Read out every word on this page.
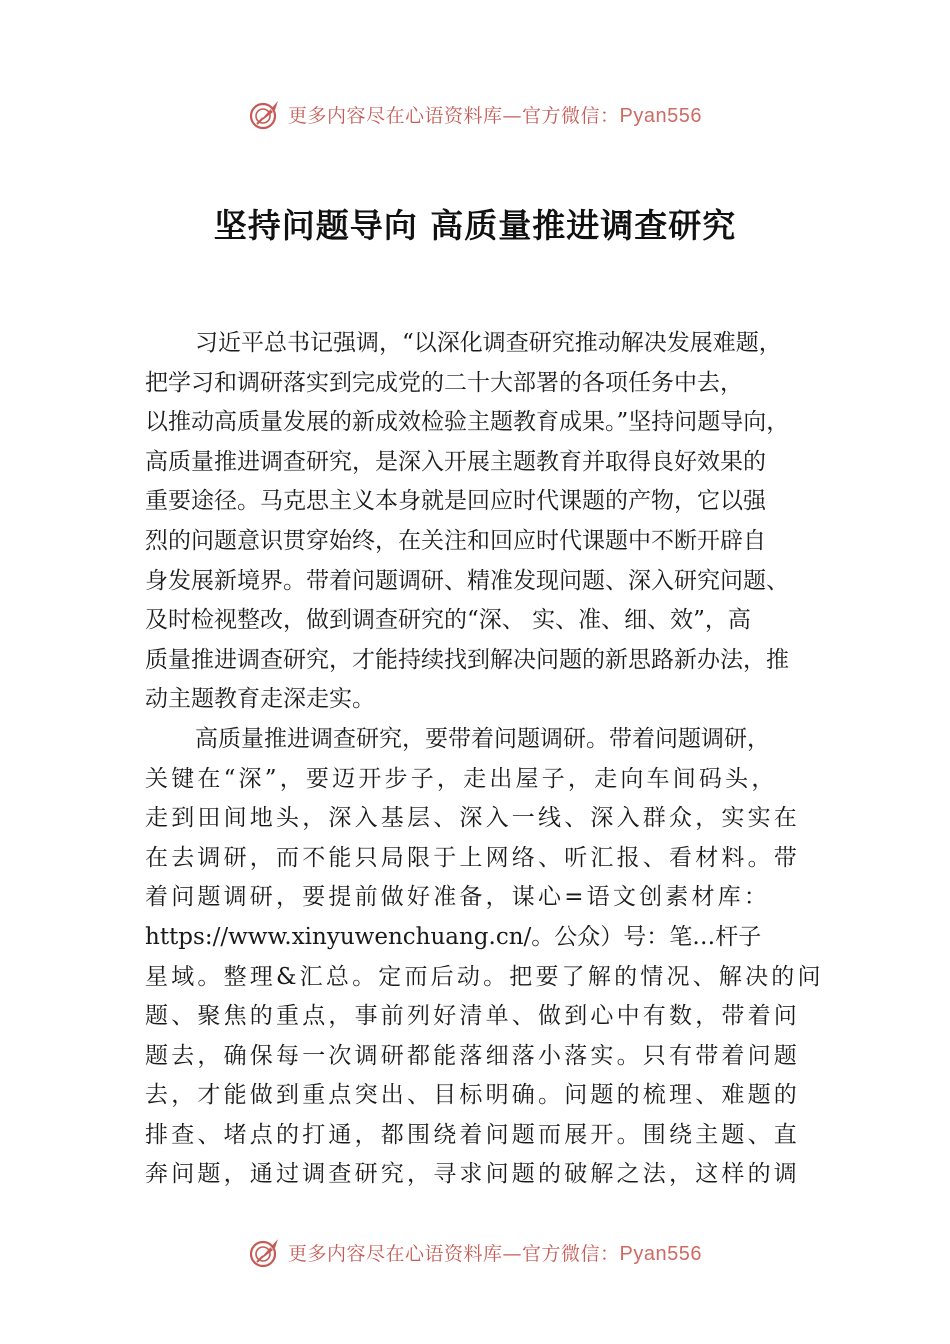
更多内容尽在心语资料库—官方微信：Pyan556
坚持问题导向 高质量推进调查研究
习近平总书记强调，“以深化调查研究推动解决发展难题，
把学习和调研落实到完成党的二十大部署的各项任务中去，
以推动高质量发展的新成效检验主题教育成果。”坚持问题导向，
高质量推进调查研究，是深入开展主题教育并取得良好效果的
重要途径。马克思主义本身就是回应时代课题的产物，它以强
烈的问题意识贯穿始终，在关注和回应时代课题中不断开辟自
身发展新境界。带着问题调研、精准发现问题、深入研究问题、
及时检视整改，做到调查研究的“深、 实、准、细、效”，高
质量推进调查研究，才能持续找到解决问题的新思路新办法，推
动主题教育走深走实。
高质量推进调查研究，要带着问题调研。带着问题调研，
关键在“深”，要迈开步子，走出屋子，走向车间码头，
走到田间地头，深入基层、深入一线、深入群众，实实在
在去调研，而不能只局限于上网络、听汇报、看材料。带
着问题调研，要提前做好准备，谋心=语文创素材库：
https://www.xinyuwenchuang.cn/。公众）号：笔…杆子
星域。整理&汇总。定而后动。把要了解的情况、解决的问
题、聚焦的重点，事前列好清单、做到心中有数，带着问
题去，确保每一次调研都能落细落小落实。只有带着问题
去，才能做到重点突出、目标明确。问题的梳理、难题的
排查、堵点的打通，都围绕着问题而展开。围绕主题、直
奔问题，通过调查研究，寻求问题的破解之法，这样的调
更多内容尽在心语资料库—官方微信：Pyan556
